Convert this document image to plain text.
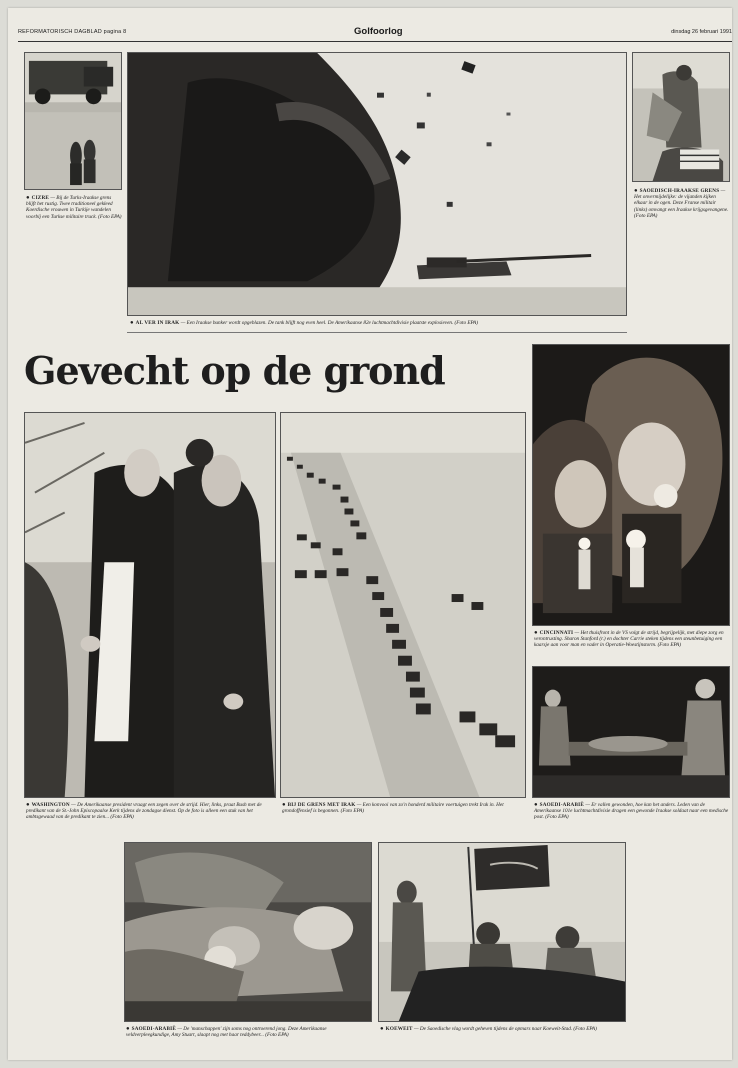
REFORMATORISCH DAGBLAD pagina 8	Golfoorlog	dinsdag 26 februari 1991
● CIZRE — Bij de Turks-Iraakse grens blijft het rustig. Twee traditioneel gekleed Koerdische vrouwen in Turkije wandelen voorbij een Turkse militaire truck. (Foto EPA)
● AL VER IN IRAK — Een Iraakse bunker wordt opgeblazen. De tank blijft nog even heel. De Amerikaanse 82e luchtmachtdivisie plaatste explosieven. (Foto EPA)
● SAOEDISCH-IRAAKSE GRENS — Het onvermijdelijke: de vijanden kijken elkaar in de ogen. Deze Franse militair (links) omvangt een Iraakse krijgsgevangene. (Foto EPA)
Gevecht op de grond
● CINCINNATI — Het thuisfront in de VS volgt de strijd, begrijpelijk, met diepe zorg en verontrusting. Sharon Stanford (r.) en dochter Carrie steken tijdens een steunbetuiging een kaarsje aan voor man en vader in Operatie-Woestijnstorm. (Foto EPA)
● WASHINGTON — De Amerikaanse president vraagt een zegen over de strijd. Hier, links, praat Bush met de predikant van de St.-John Episcopaalse Kerk tijdens de zondagse dienst. Op de foto is alleen een stuk van het ambtsgewaad van de predikant te zien... (Foto EPA)
● BIJ DE GRENS MET IRAK — Een konvooi van zo'n honderd militaire voertuigen trekt Irak in. Het grondoffensief is begonnen. (Foto EPA)
● SAOEDI-ARABIË — Er vallen gewonden, hoe kan het anders. Leden van de Amerikaanse 101e luchtmachtdivisie dragen een gewonde Iraakse soldaat naar een medische post. (Foto EPA)
● SAOEDI-ARABIË — De 'manschappen' zijn soms nog ontroerend jong. Deze Amerikaanse veldverpleegkundige, Amy Stuart, slaapt nog met haar teddybeer... (Foto EPA)
● KOEWEIT — De Saoedische vlag wordt geheven tijdens de opmars naar Koeweit-Stad. (Foto EPA)
